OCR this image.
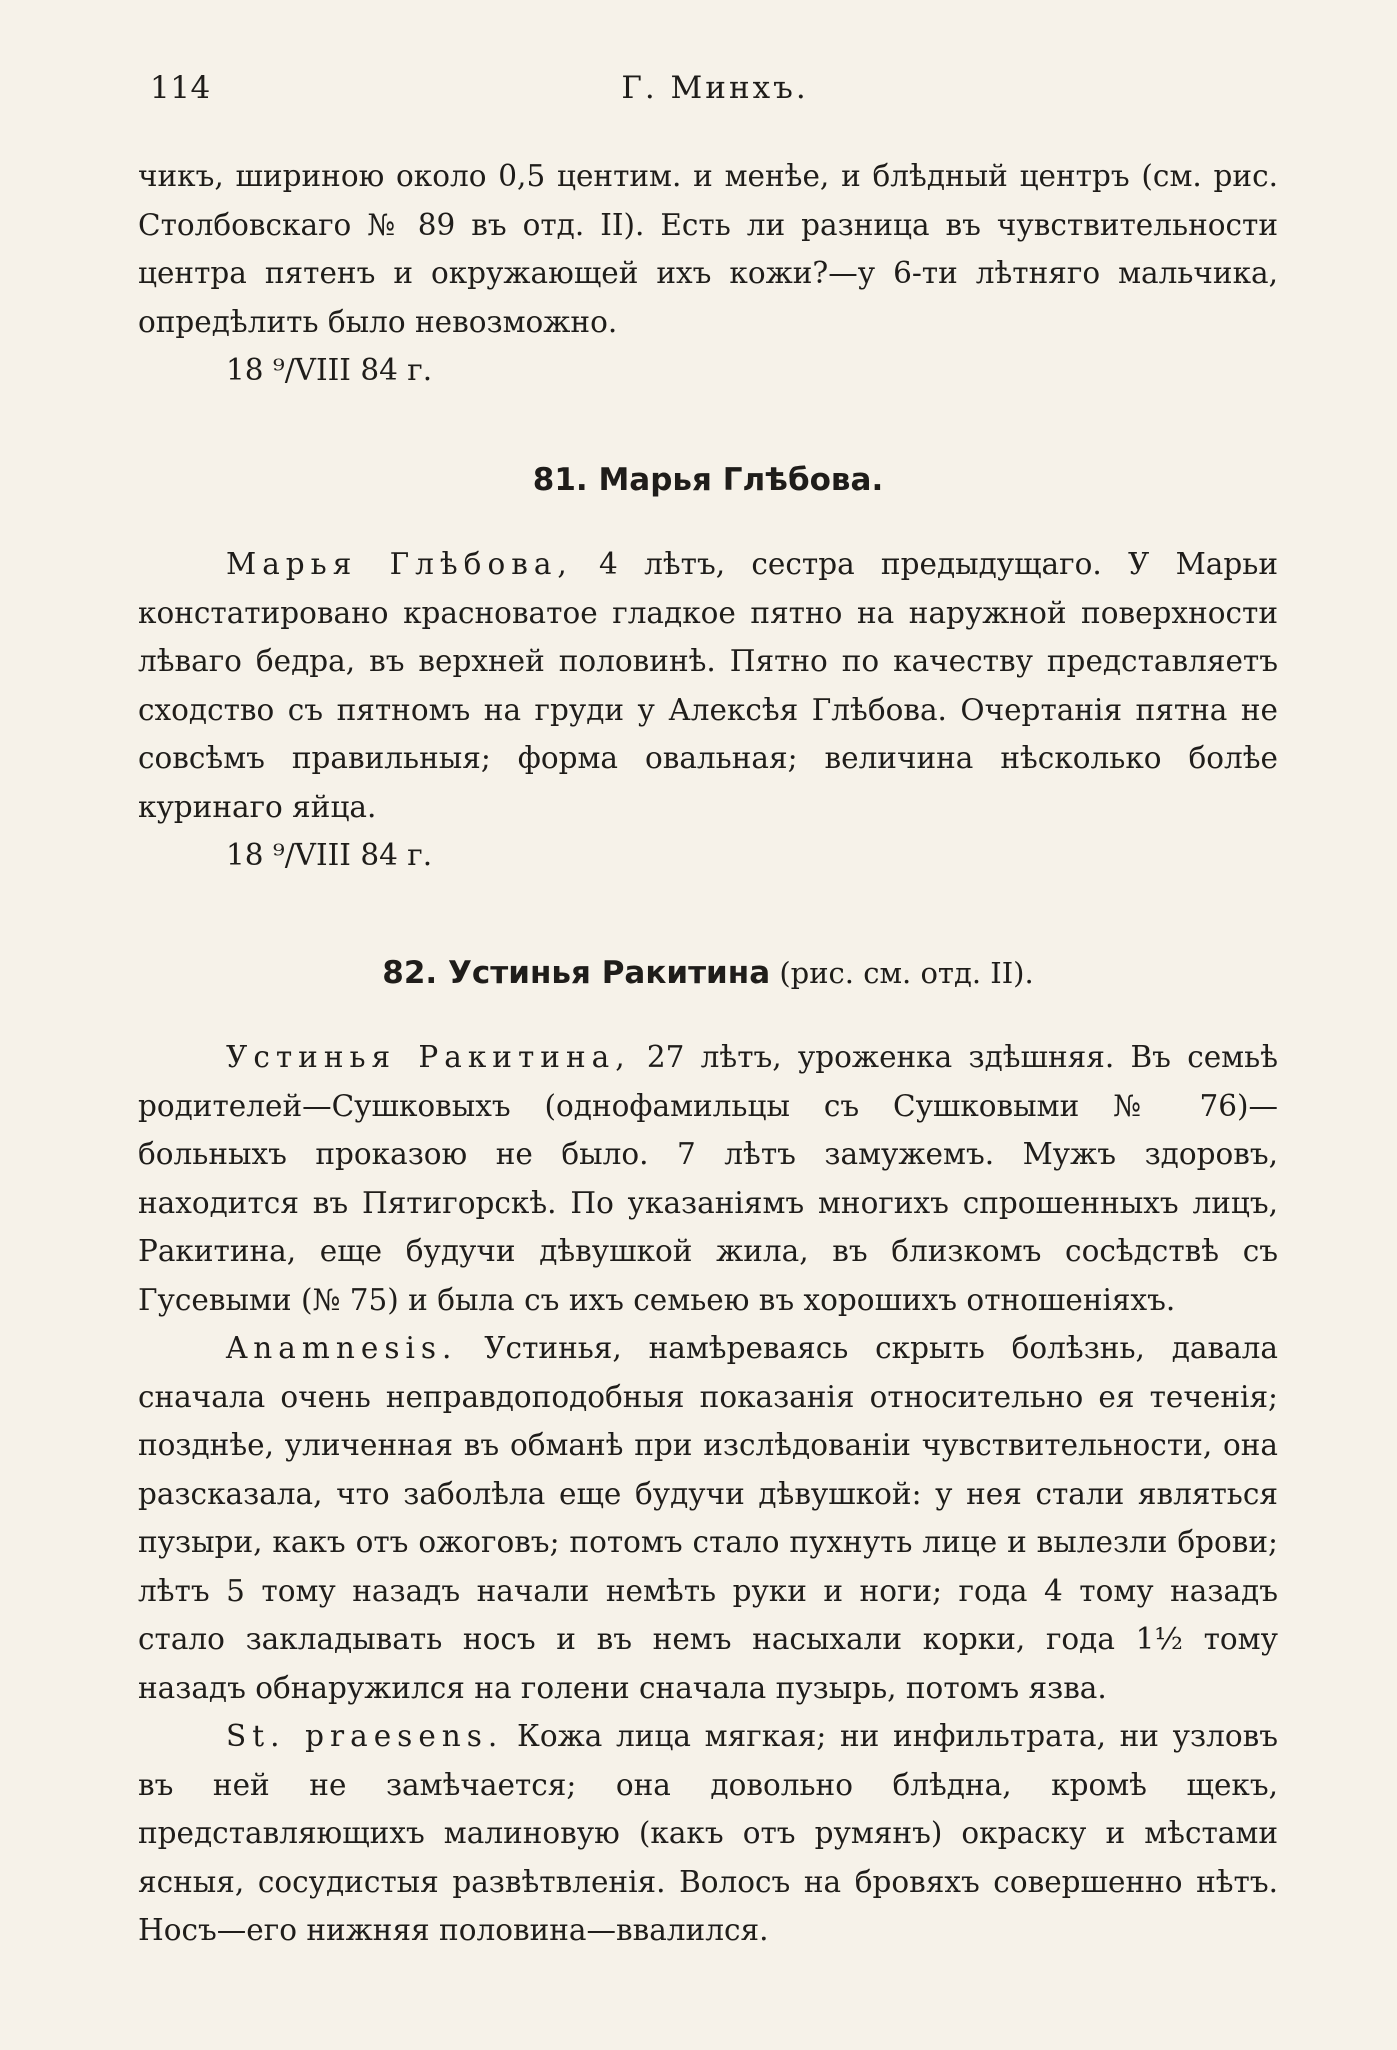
114	Г. Минхъ.

чикъ, шириною около 0,5 центим. и менѣе, и блѣдный центръ (см. рис. Столбовскаго № 89 въ отд. II). Есть ли разница въ чувствительности центра пятенъ и окружающей ихъ кожи?—у 6-ти лѣтняго мальчика, опредѣлить было невозможно.

18 ⁹/VIII 84 г.

81. Марья Глѣбова.

Марья Глѣбова, 4 лѣтъ, сестра предыдущаго. У Марьи констатировано красноватое гладкое пятно на наружной поверхности лѣваго бедра, въ верхней половинѣ. Пятно по качеству представляетъ сходство съ пятномъ на груди у Алексѣя Глѣбова. Очертанія пятна не совсѣмъ правильныя; форма овальная; величина нѣсколько болѣе куринаго яйца.

18 ⁹/VIII 84 г.

82. Устинья Ракитина (рис. см. отд. II).

Устинья Ракитина, 27 лѣтъ, уроженка здѣшняя. Въ семьѣ родителей—Сушковыхъ (однофамильцы съ Сушковыми № 76)—больныхъ проказою не было. 7 лѣтъ замужемъ. Мужъ здоровъ, находится въ Пятигорскѣ. По указаніямъ многихъ спрошенныхъ лицъ, Ракитина, еще будучи дѣвушкой жила, въ близкомъ сосѣдствѣ съ Гусевыми (№ 75) и была съ ихъ семьею въ хорошихъ отношеніяхъ.

Anamnesis. Устинья, намѣреваясь скрыть болѣзнь, давала сначала очень неправдоподобныя показанія относительно ея теченія; позднѣе, уличенная въ обманѣ при изслѣдованіи чувствительности, она разсказала, что заболѣла еще будучи дѣвушкой: у нея стали являться пузыри, какъ отъ ожоговъ; потомъ стало пухнуть лице и вылезли брови; лѣтъ 5 тому назадъ начали немѣть руки и ноги; года 4 тому назадъ стало закладывать носъ и въ немъ насыхали корки, года 1½ тому назадъ обнаружился на голени сначала пузырь, потомъ язва.

St. praesens. Кожа лица мягкая; ни инфильтрата, ни узловъ въ ней не замѣчается; она довольно блѣдна, кромѣ щекъ, представляющихъ малиновую (какъ отъ румянъ) окраску и мѣстами ясныя, сосудистыя развѣтвленія. Волосъ на бровяхъ совершенно нѣтъ. Носъ—его нижняя половина—ввалился.
